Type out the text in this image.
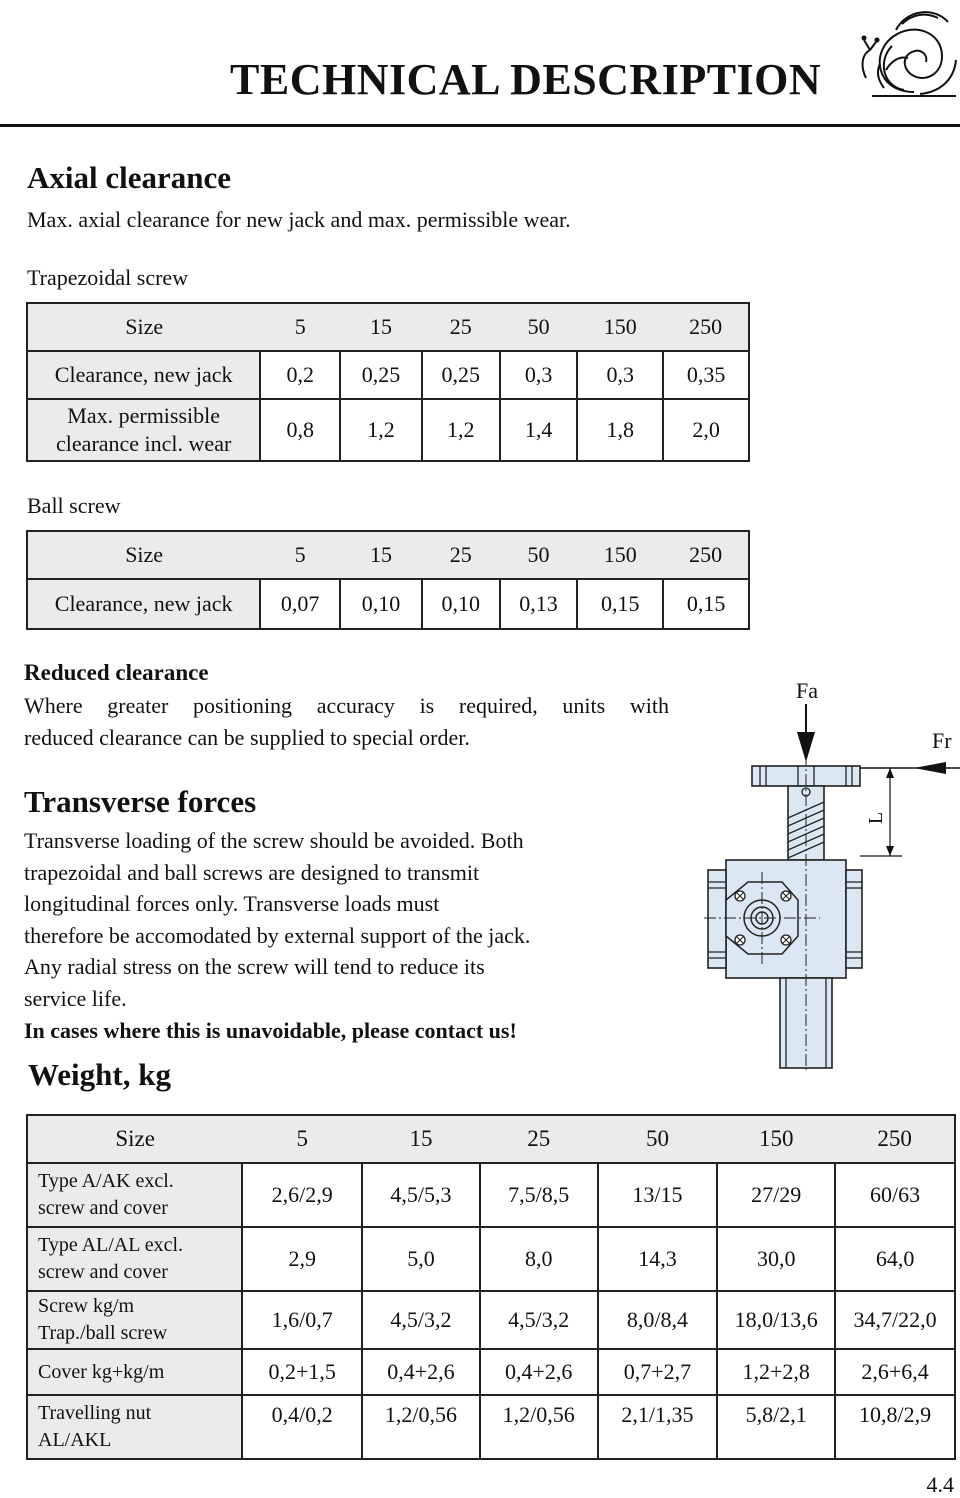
TECHNICAL DESCRIPTION
Axial clearance
Max. axial clearance for new jack and max. permissible wear.
Trapezoidal screw
Size	5	15	25	50	150	250
Clearance, new jack	0,2	0,25	0,25	0,3	0,3	0,35

Max. permissible
clearance incl. wear	0,8	1,2	1,2	1,4	1,8	2,0
Ball screw
Size	5	15	25	50	150	250
Clearance, new jack	0,07	0,10	0,10	0,13	0,15	0,15
Reduced clearance
Where greater positioning accuracy is required, units with
reduced clearance can be supplied to special order.
Transverse forces
Transverse loading of the screw should be avoided. Both
trapezoidal and ball screws are designed to transmit
longitudinal forces only. Transverse loads must
therefore be accomodated by external support of the jack.
Any radial stress on the screw will tend to reduce its
service life.
In cases where this is unavoidable, please contact us!
L
Fa
Fr
Weight, kg
Size	5	15	25	50	150	250

Type A/AK excl.
screw and cover	2,6/2,9	4,5/5,3	7,5/8,5	13/15	27/29	60/63

Type AL/AL excl.
screw and cover	2,9	5,0	8,0	14,3	30,0	64,0

Screw kg/m
Trap./ball screw	1,6/0,7	4,5/3,2	4,5/3,2	8,0/8,4	18,0/13,6	34,7/22,0

Cover kg+kg/m	0,2+1,5	0,4+2,6	0,4+2,6	0,7+2,7	1,2+2,8	2,6+6,4

Travelling nut
AL/AKL	0,4/0,2	1,2/0,56	1,2/0,56	2,1/1,35	5,8/2,1	10,8/2,9
4.4
